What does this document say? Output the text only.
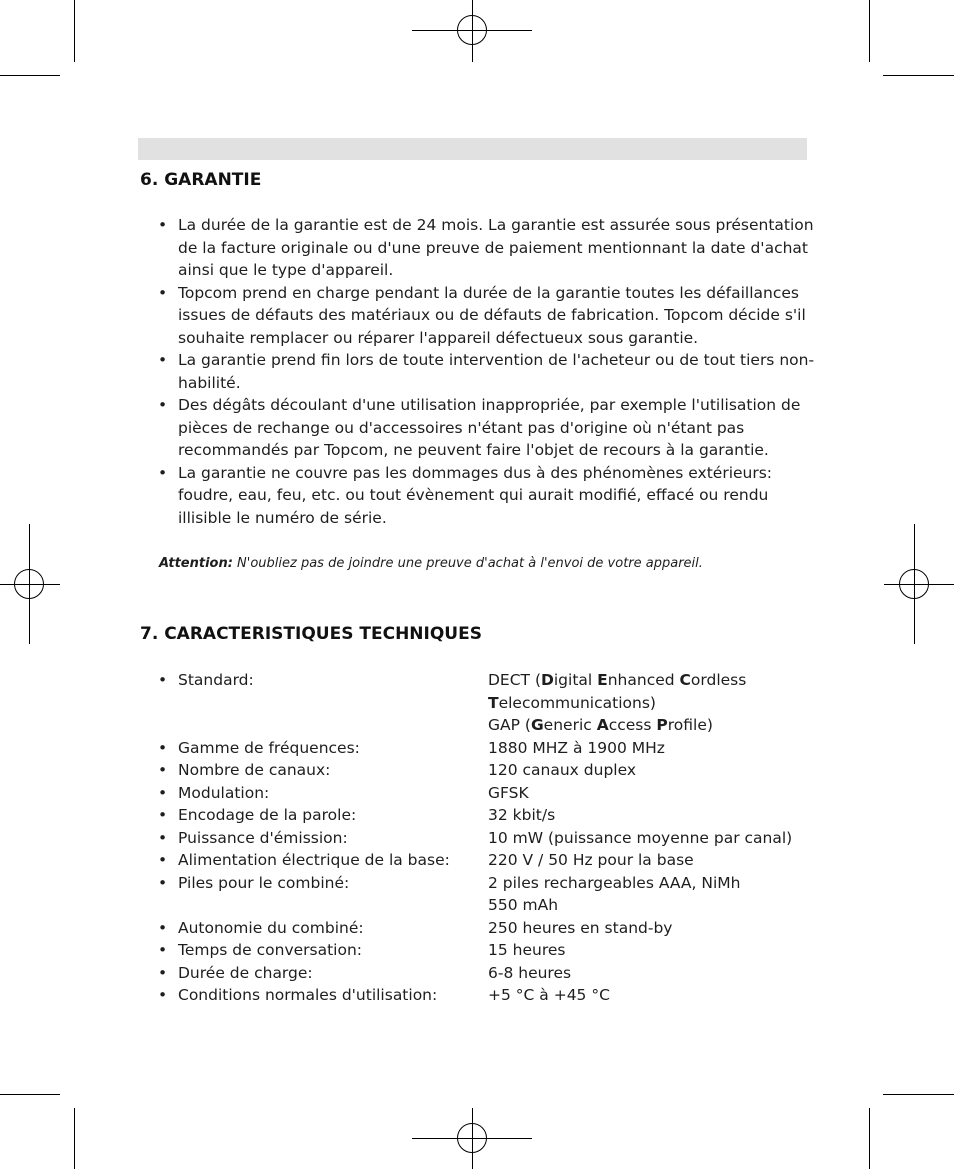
6. GARANTIE
• La durée de la garantie est de 24 mois. La garantie est assurée sous présentation de la facture originale ou d'une preuve de paiement mentionnant la date d'achat ainsi que le type d'appareil.
• Topcom prend en charge pendant la durée de la garantie toutes les défaillances issues de défauts des matériaux ou de défauts de fabrication. Topcom décide s'il souhaite remplacer ou réparer l'appareil défectueux sous garantie.
• La garantie prend fin lors de toute intervention de l'acheteur ou de tout tiers non-habilité.
• Des dégâts découlant d'une utilisation inappropriée, par exemple l'utilisation de pièces de rechange ou d'accessoires n'étant pas d'origine où n'étant pas recommandés par Topcom, ne peuvent faire l'objet de recours à la garantie.
• La garantie ne couvre pas les dommages dus à des phénomènes extérieurs: foudre, eau, feu, etc. ou tout évènement qui aurait modifié, effacé ou rendu illisible le numéro de série.
Attention: N'oubliez pas de joindre une preuve d'achat à l'envoi de votre appareil.
7. CARACTERISTIQUES TECHNIQUES
• Standard:	DECT (Digital Enhanced Cordless
Telecommunications)
GAP (Generic Access Profile)
• Gamme de fréquences:	1880 MHZ à 1900 MHz
• Nombre de canaux:	120 canaux duplex
• Modulation:	GFSK
• Encodage de la parole:	32 kbit/s
• Puissance d'émission:	10 mW (puissance moyenne par canal)
• Alimentation électrique de la base: 220 V / 50 Hz pour la base
• Piles pour le combiné:	2 piles rechargeables AAA, NiMh
550 mAh
• Autonomie du combiné:	250 heures en stand-by
• Temps de conversation:	15 heures
• Durée de charge:	6-8 heures
• Conditions normales d'utilisation:	+5 °C à +45 °C
